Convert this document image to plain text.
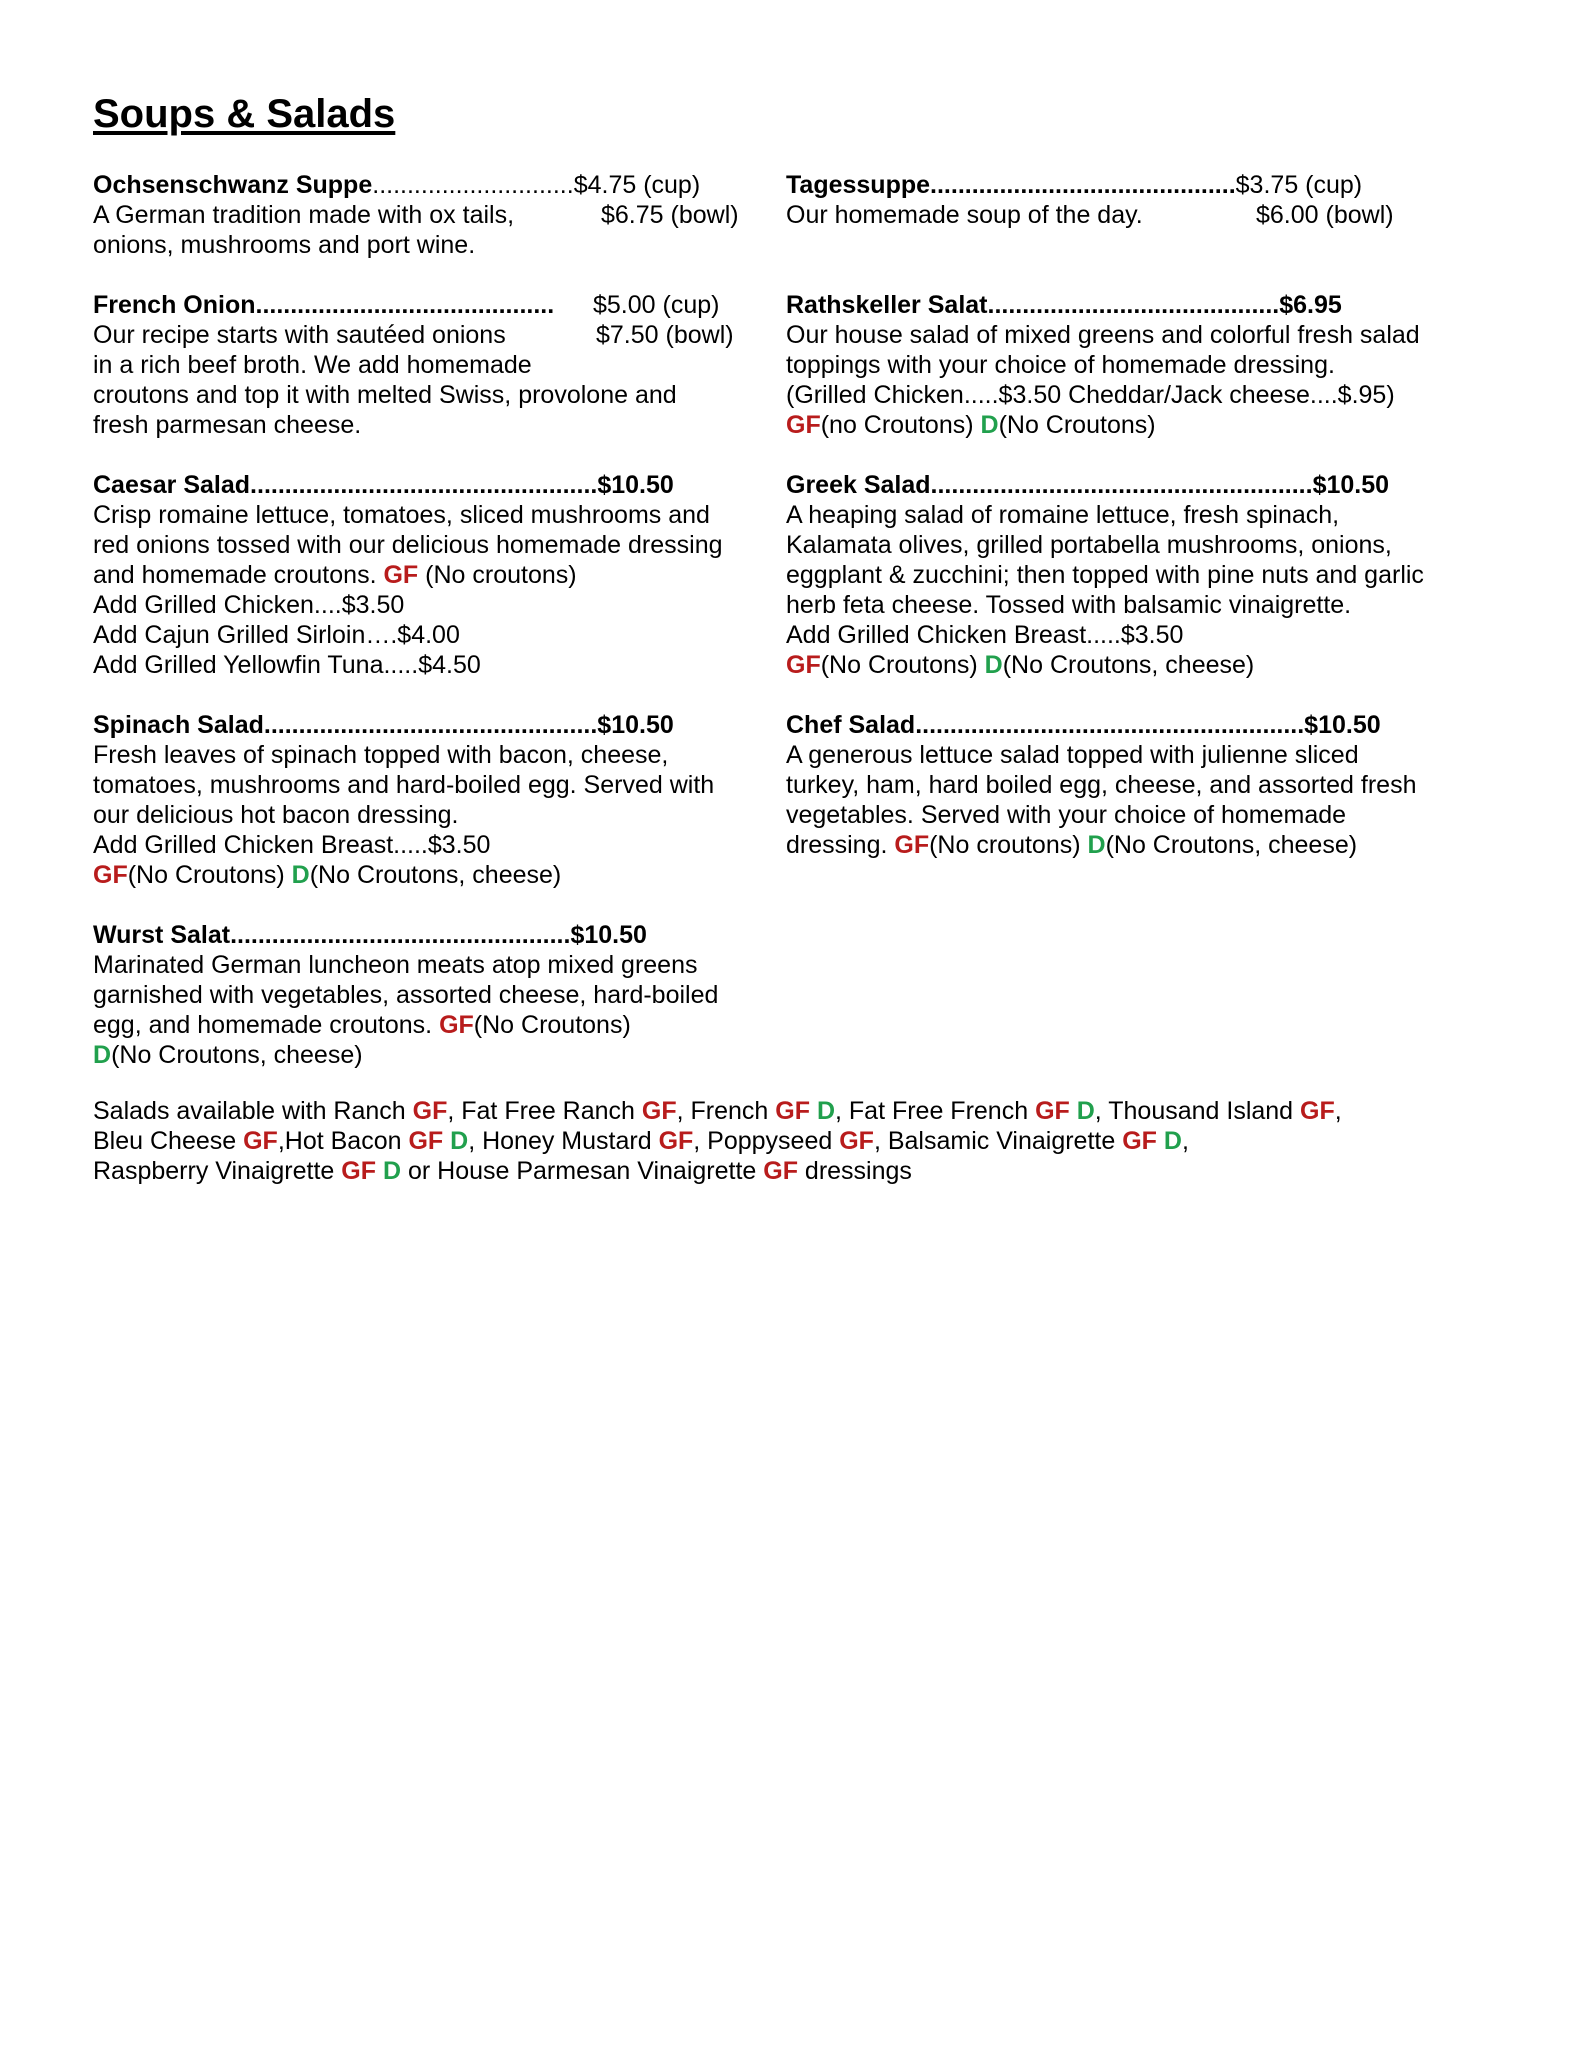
Soups & Salads
Ochsenschwanz Suppe.............................$4.75 (cup)
A German tradition made with ox tails,	$6.75 (bowl)
onions, mushrooms and port wine.
French Onion........................................... $5.00 (cup)
Our recipe starts with sautéed onions	$7.50 (bowl)
in a rich beef broth. We add homemade
croutons and top it with melted Swiss, provolone and
fresh parmesan cheese.
Caesar Salad..................................................$10.50
Crisp romaine lettuce, tomatoes, sliced mushrooms and
red onions tossed with our delicious homemade dressing
and homemade croutons. GF (No croutons)
Add Grilled Chicken....$3.50
Add Cajun Grilled Sirloin….$4.00
Add Grilled Yellowfin Tuna.....$4.50
Spinach Salad................................................$10.50
Fresh leaves of spinach topped with bacon, cheese,
tomatoes, mushrooms and hard-boiled egg. Served with
our delicious hot bacon dressing.
Add Grilled Chicken Breast.....$3.50
GF(No Croutons) D(No Croutons, cheese)
Wurst Salat.................................................$10.50
Marinated German luncheon meats atop mixed greens
garnished with vegetables, assorted cheese, hard-boiled
egg, and homemade croutons. GF(No Croutons)
D(No Croutons, cheese)
Tagessuppe............................................$3.75 (cup)
Our homemade soup of the day.	$6.00 (bowl)
Rathskeller Salat..........................................$6.95
Our house salad of mixed greens and colorful fresh salad
toppings with your choice of homemade dressing.
(Grilled Chicken.....$3.50 Cheddar/Jack cheese....$.95)
GF(no Croutons) D(No Croutons)
Greek Salad.......................................................$10.50
A heaping salad of romaine lettuce, fresh spinach,
Kalamata olives, grilled portabella mushrooms, onions,
eggplant & zucchini; then topped with pine nuts and garlic
herb feta cheese. Tossed with balsamic vinaigrette.
Add Grilled Chicken Breast.....$3.50
GF(No Croutons) D(No Croutons, cheese)
Chef Salad........................................................$10.50
A generous lettuce salad topped with julienne sliced
turkey, ham, hard boiled egg, cheese, and assorted fresh
vegetables. Served with your choice of homemade
dressing. GF(No croutons) D(No Croutons, cheese)
Salads available with Ranch GF, Fat Free Ranch GF, French GF D, Fat Free French GF D, Thousand Island GF,
Bleu Cheese GF,Hot Bacon GF D, Honey Mustard GF, Poppyseed GF, Balsamic Vinaigrette GF D,
Raspberry Vinaigrette GF D or House Parmesan Vinaigrette GF dressings
